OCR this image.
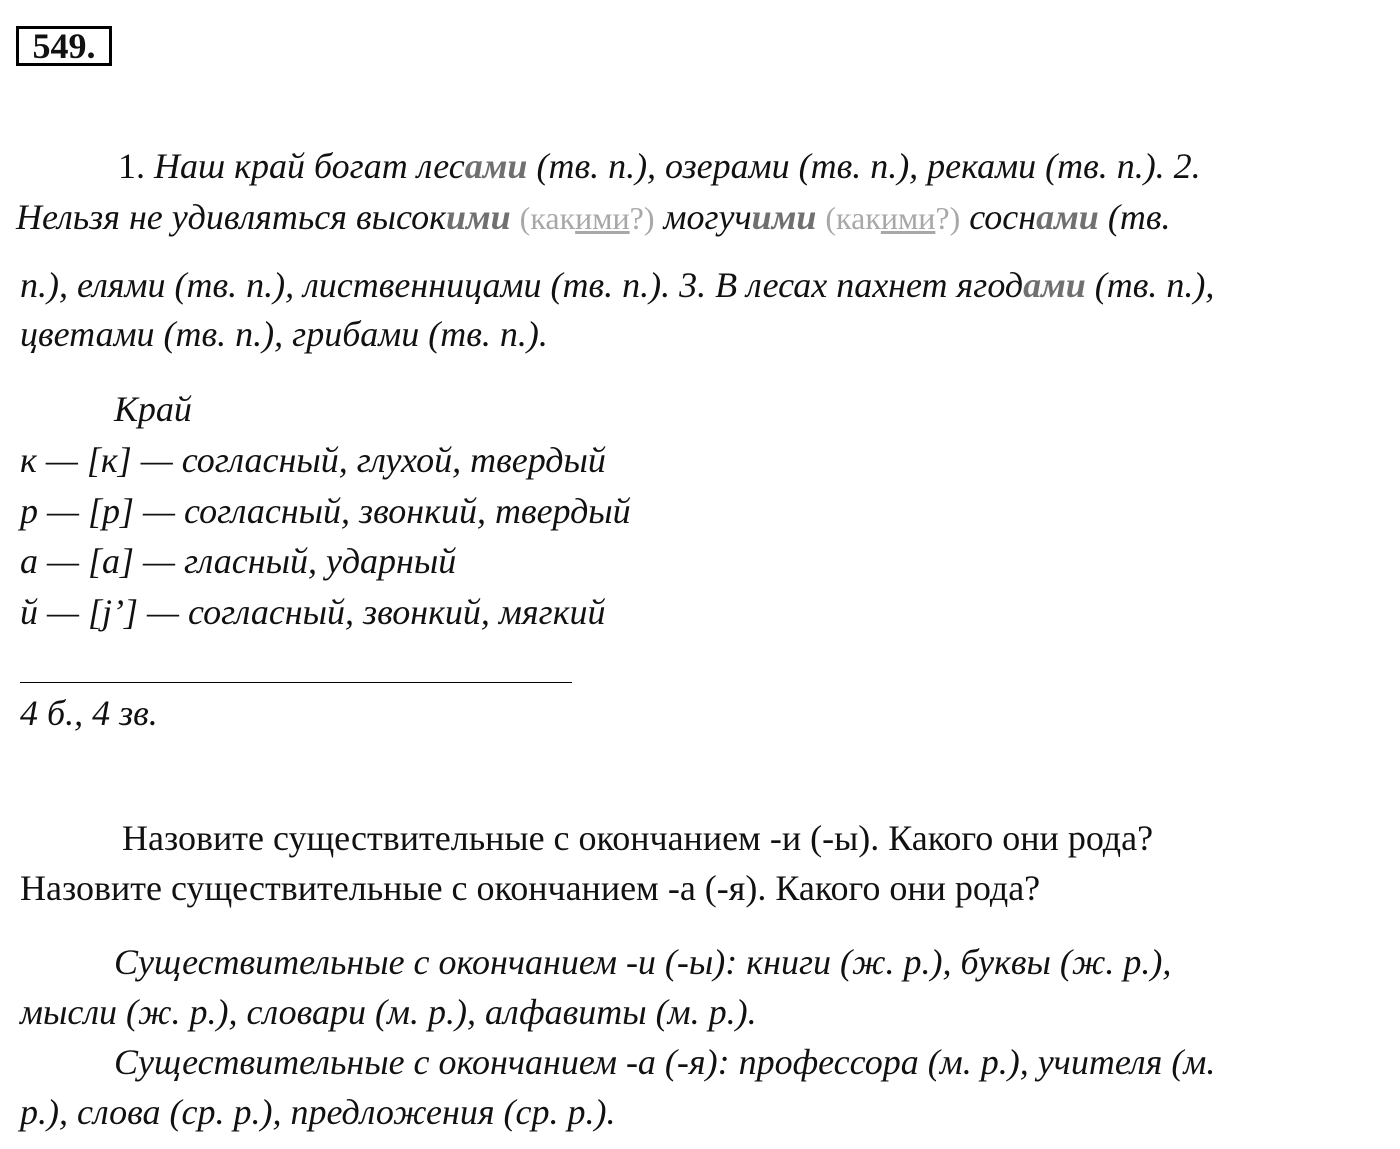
549.
1. Наш край богат лесами (тв. п.), озерами (тв. п.), реками (тв. п.). 2.
Нельзя не удивляться высокими (какими?) могучими (какими?) соснами (тв.
п.), елями (тв. п.), лиственницами (тв. п.). 3. В лесах пахнет ягодами (тв. п.),
цветами (тв. п.), грибами (тв. п.).
Край
к — [к] — согласный, глухой, твердый
р — [р] — согласный, звонкий, твердый
а — [а] — гласный, ударный
й — [j’] — согласный, звонкий, мягкий
4 б., 4 зв.
Назовите существительные с окончанием -и (-ы). Какого они рода?
Назовите существительные с окончанием -а (-я). Какого они рода?
Существительные с окончанием -и (-ы): книги (ж. р.), буквы (ж. р.),
мысли (ж. р.), словари (м. р.), алфавиты (м. р.).
Существительные с окончанием -а (-я): профессора (м. р.), учителя (м.
р.), слова (ср. р.), предложения (ср. р.).
